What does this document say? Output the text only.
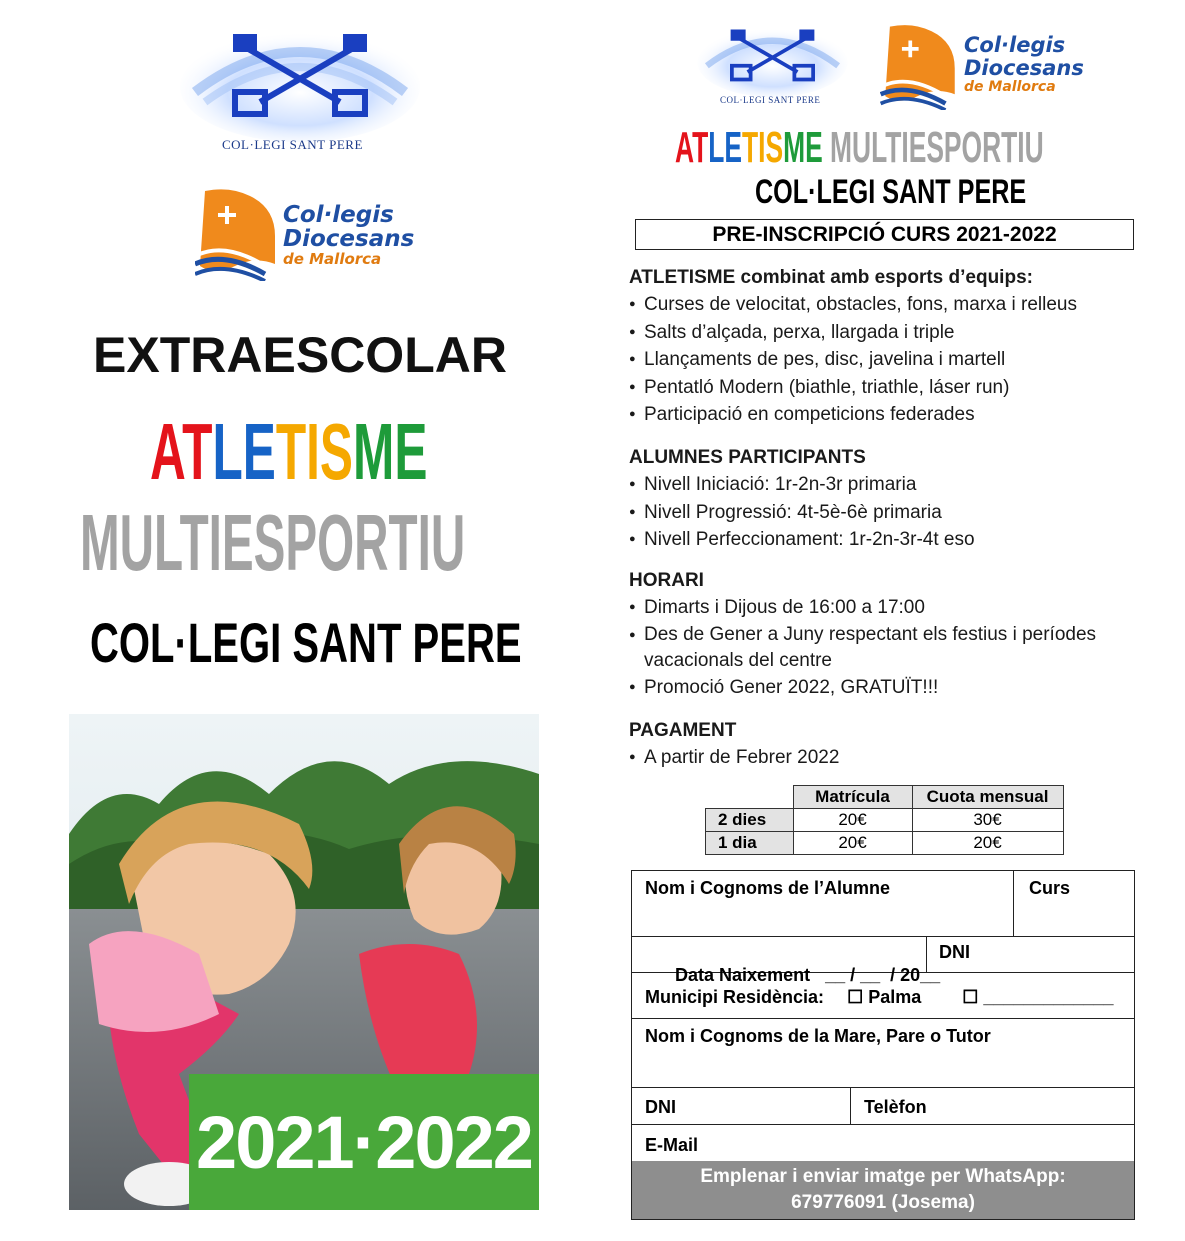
COL·LEGI SANT PERE
Col·legis
Diocesans
de Mallorca
EXTRAESCOLAR
ATLETISME
MULTIESPORTIU
COL·LEGI SANT PERE
2021·2022
COL·LEGI SANT PERE
Col·legis
Diocesans
de Mallorca
ATLETISME MULTIESPORTIU
COL·LEGI SANT PERE
PRE-INSCRIPCIÓ CURS 2021-2022
ATLETISME combinat amb esports d’equips:
● Curses de velocitat, obstacles, fons, marxa i relleus
● Salts d’alçada, perxa, llargada i triple
● Llançaments de pes, disc, javelina i martell
● Pentatló Modern (biathle, triathle, láser run)
● Participació en competicions federades
ALUMNES PARTICIPANTS
● Nivell Iniciació: 1r-2n-3r primaria
● Nivell Progressió: 4t-5è-6è primaria
● Nivell Perfeccionament: 1r-2n-3r-4t eso
HORARI
● Dimarts i Dijous de 16:00 a 17:00
● Des de Gener a Juny respectant els festius i períodes vacacionals del centre
● Promoció Gener 2022, GRATUÏT!!!
PAGAMENT
● A partir de Febrer 2022
	Matrícula	Cuota mensual
2 dies	20€	30€
1 dia	20€	20€
Nom i Cognoms de l’Alumne	Curs

Data Naixement   __ / __  / 20__

DNI
Municipi Residència: ☐ Palma ☐ _____________
Nom i Cognoms de la Mare, Pare o Tutor
DNI	Telèfon
E-Mail
Emplenar i enviar imatge per WhatsApp:
679776091 (Josema)
